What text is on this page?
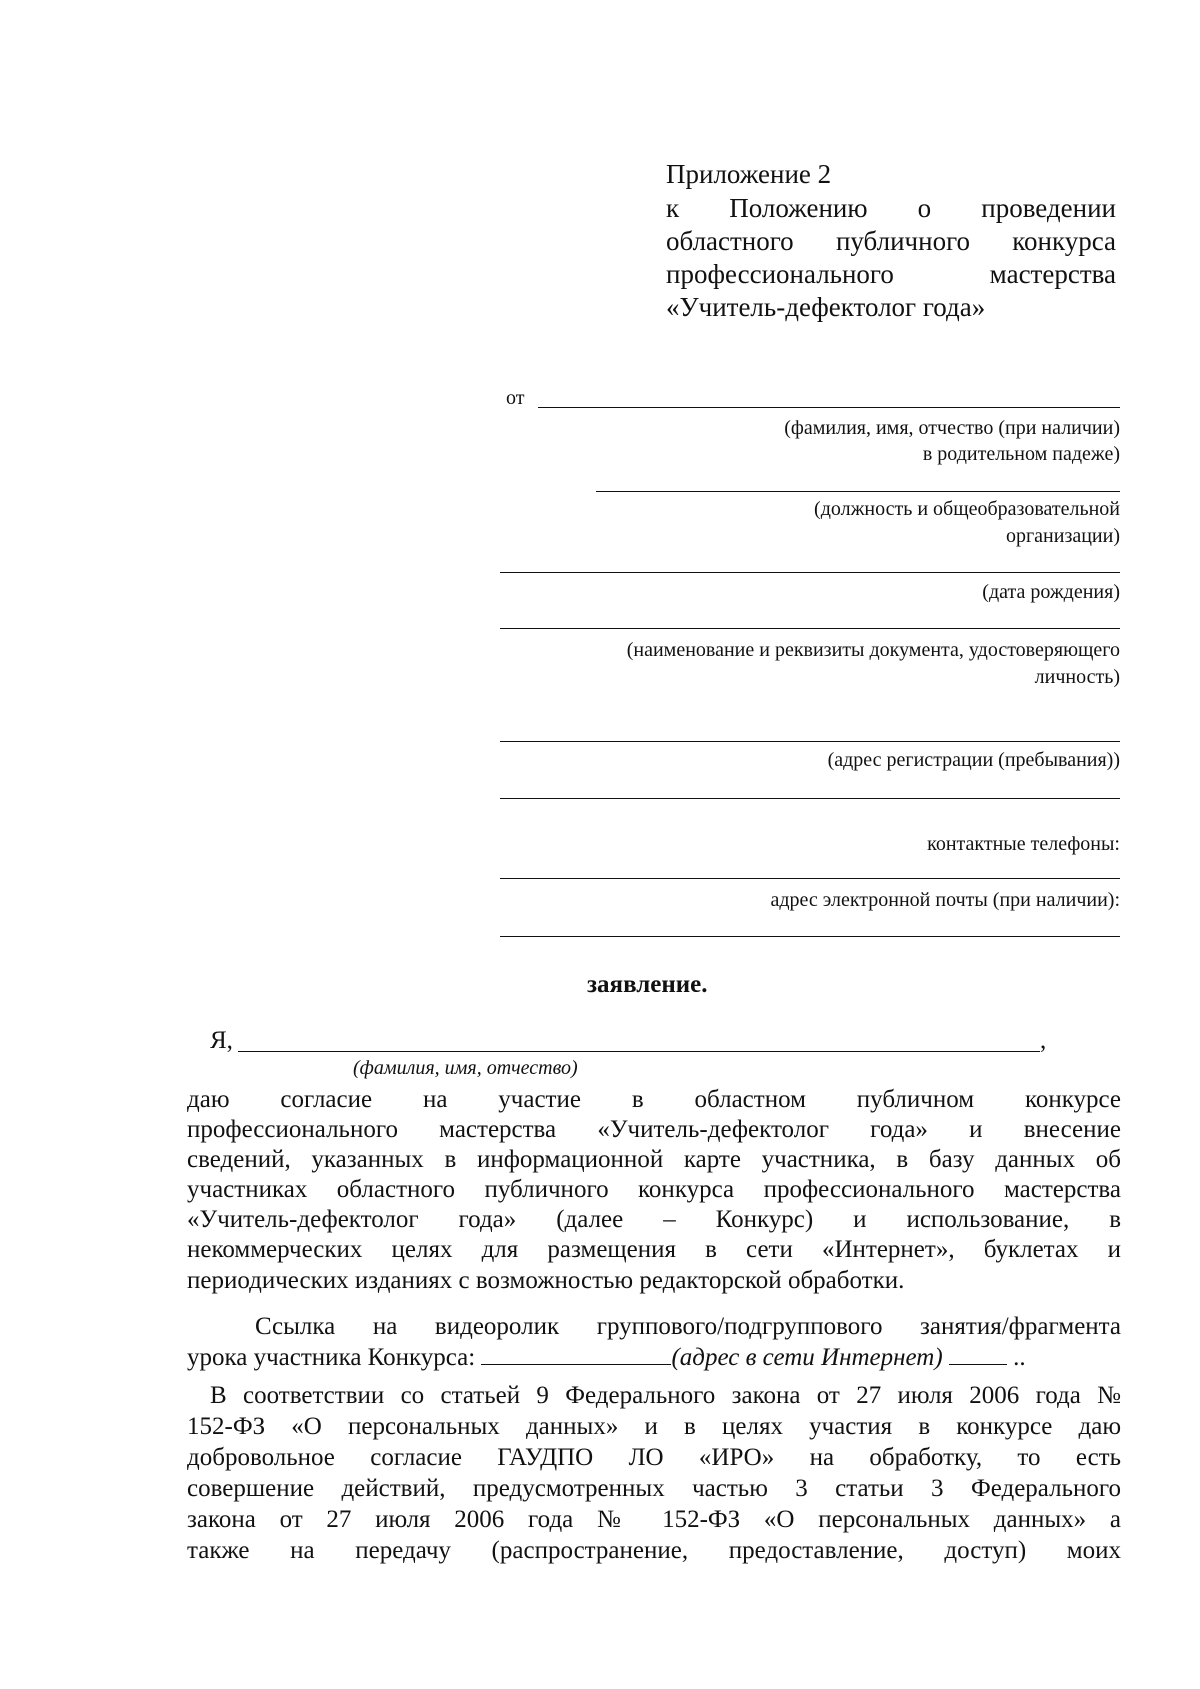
Приложение 2
к Положению о проведении
областного публичного конкурса
профессионального мастерства
«Учитель-дефектолог года»
от
(фамилия, имя, отчество (при наличии)
в родительном падеже)
(должность и общеобразовательной
организации)
(дата рождения)
(наименование и реквизиты документа, удостоверяющего
личность)
(адрес регистрации (пребывания))
контактные телефоны:
адрес электронной почты (при наличии):
заявление.
Я,	,
(фамилия, имя, отчество)
даю согласие на участие в областном публичном конкурсе
профессионального мастерства «Учитель-дефектолог года» и внесение
сведений, указанных в информационной карте участника, в базу данных об
участниках областного публичного конкурса профессионального мастерства
«Учитель-дефектолог года» (далее – Конкурс) и использование, в
некоммерческих целях для размещения в сети «Интернет», буклетах и
периодических изданиях с возможностью редакторской обработки.
Ссылка на видеоролик группового/подгруппового занятия/фрагмента
урока участника Конкурса:	(адрес в сети Интернет)	..
В соответствии со статьей 9 Федерального закона от 27 июля 2006 года №
152-ФЗ «О персональных данных» и в целях участия в конкурсе даю
добровольное согласие ГАУДПО ЛО «ИРО» на обработку, то есть
совершение действий, предусмотренных частью 3 статьи 3 Федерального
закона от 27 июля 2006 года № 152-ФЗ «О персональных данных» а
также на передачу (распространение, предоставление, доступ) моих
